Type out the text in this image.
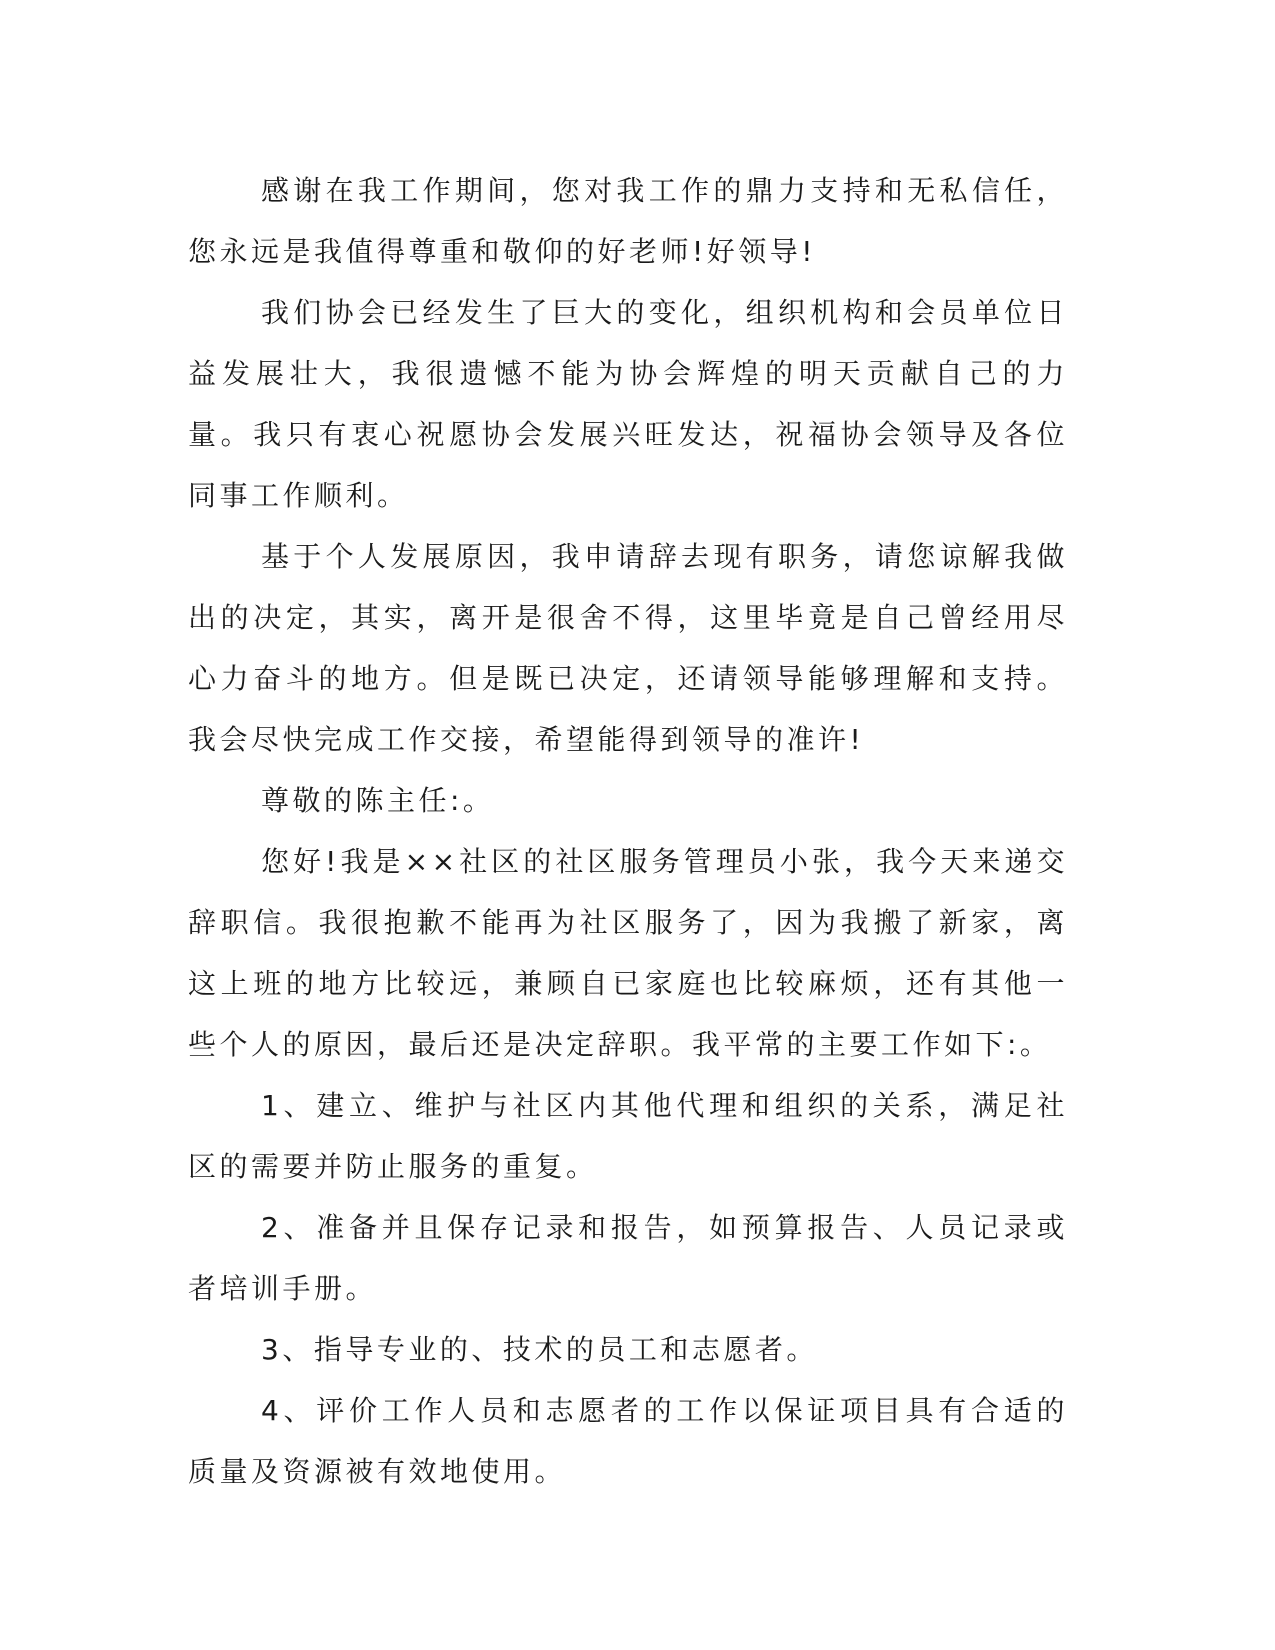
感谢在我工作期间，您对我工作的鼎力支持和无私信任，您永远是我值得尊重和敬仰的好老师!好领导!

我们协会已经发生了巨大的变化，组织机构和会员单位日益发展壮大，我很遗憾不能为协会辉煌的明天贡献自己的力量。我只有衷心祝愿协会发展兴旺发达，祝福协会领导及各位同事工作顺利。

基于个人发展原因，我申请辞去现有职务，请您谅解我做出的决定，其实，离开是很舍不得，这里毕竟是自己曾经用尽心力奋斗的地方。但是既已决定，还请领导能够理解和支持。我会尽快完成工作交接，希望能得到领导的准许!

尊敬的陈主任:。

您好!我是××社区的社区服务管理员小张，我今天来递交辞职信。我很抱歉不能再为社区服务了，因为我搬了新家，离这上班的地方比较远，兼顾自已家庭也比较麻烦，还有其他一些个人的原因，最后还是决定辞职。我平常的主要工作如下:。

1、建立、维护与社区内其他代理和组织的关系，满足社区的需要并防止服务的重复。

2、准备并且保存记录和报告，如预算报告、人员记录或者培训手册。

3、指导专业的、技术的员工和志愿者。

4、评价工作人员和志愿者的工作以保证项目具有合适的质量及资源被有效地使用。
